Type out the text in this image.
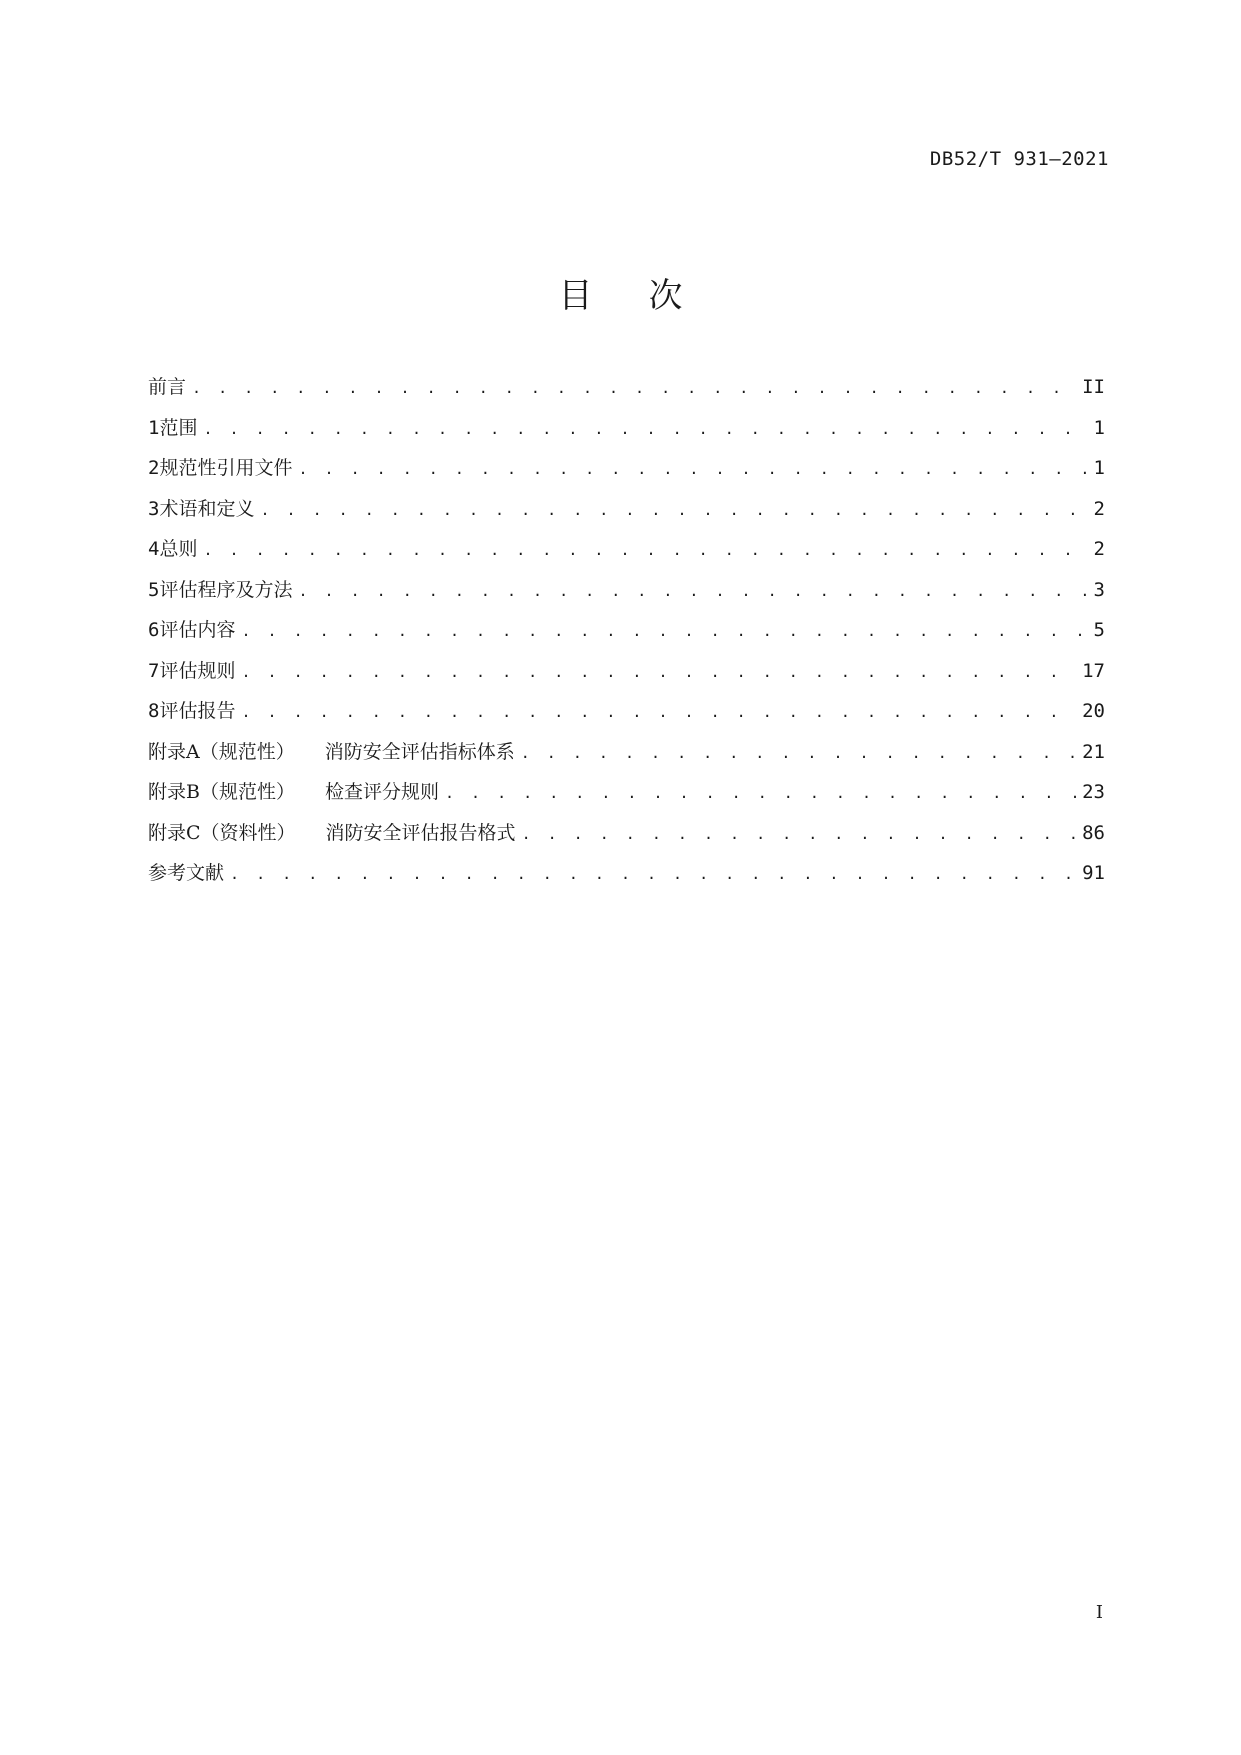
DB52/T 931—2021
目次
前言 . . .	II
1 范围 . . .	1
2 规范性引用文件 . . .	1
3 术语和定义 . . .	2
4 总则 . . .	2
5 评估程序及方法 . . .	3
6 评估内容 . . .	5
7 评估规则 . . .	17
8 评估报告 . . .	20
附录A（规范性） 消防安全评估指标体系 . . .	21
附录B（规范性） 检查评分规则 . . .	23
附录C（资料性） 消防安全评估报告格式 . . .	86
参考文献 . . .	91
I
